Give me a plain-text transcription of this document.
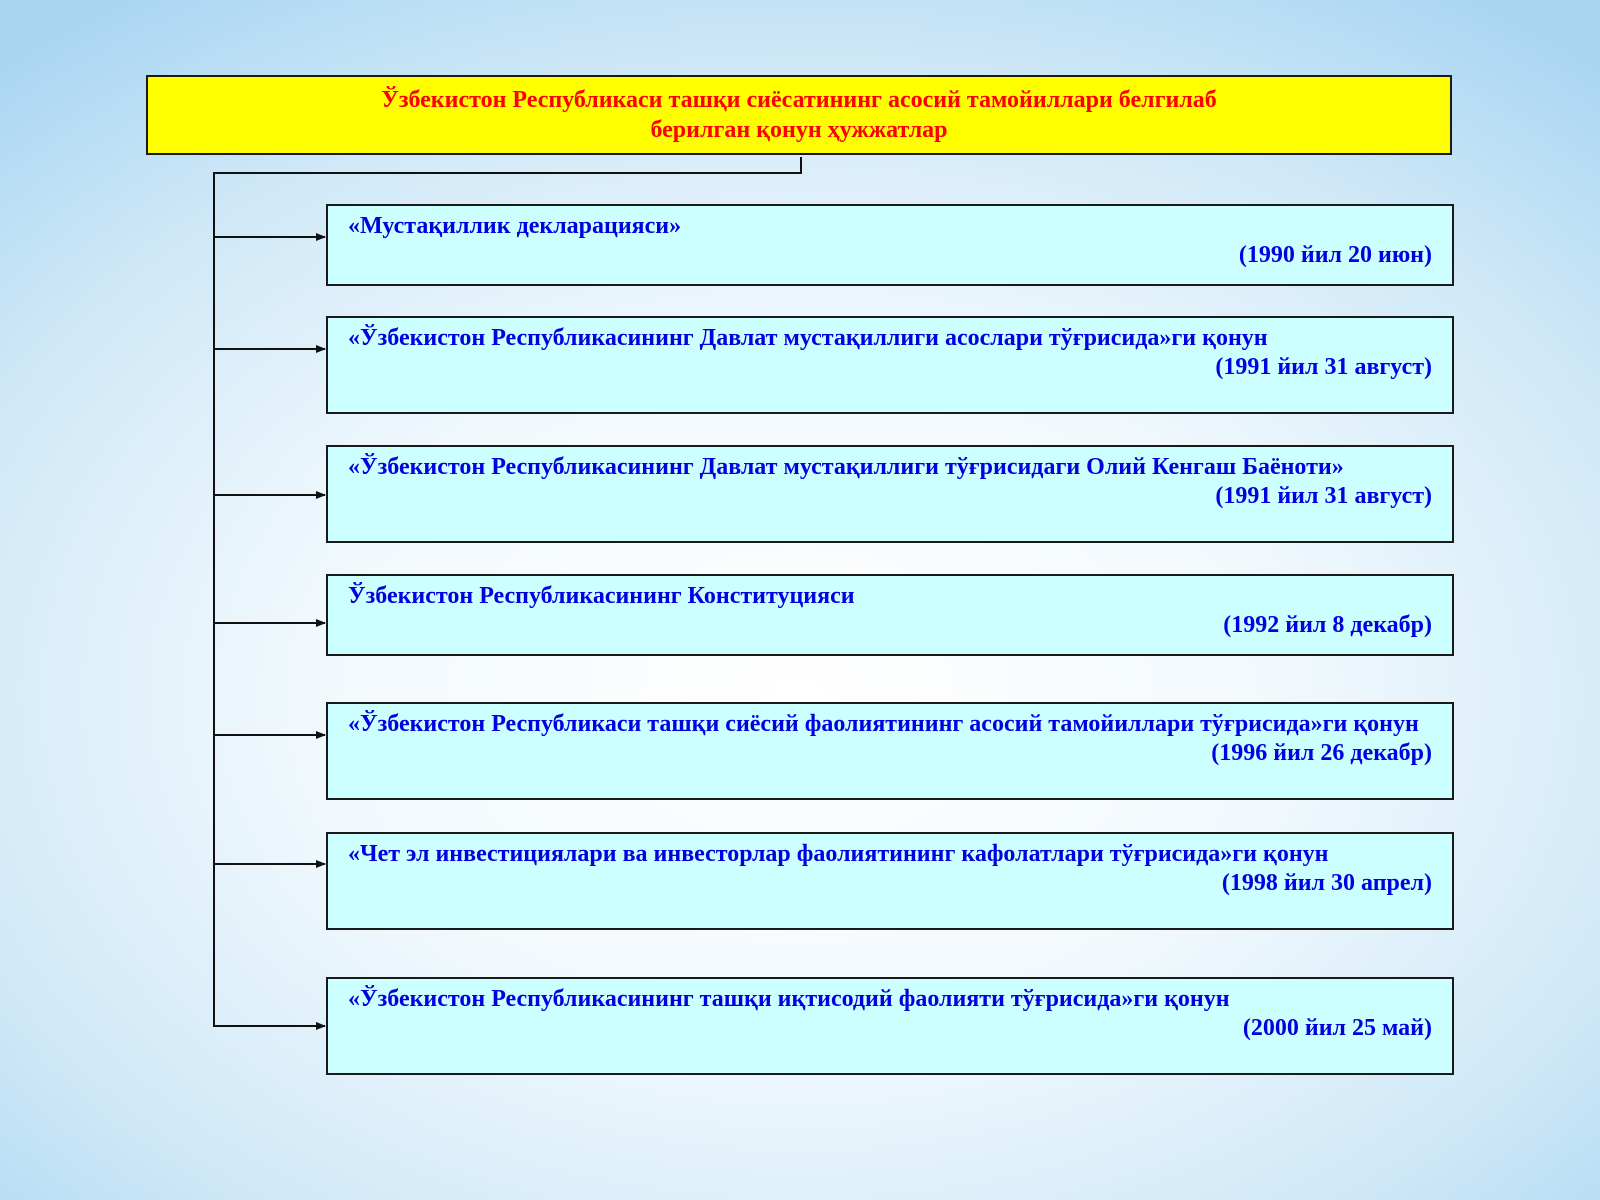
Ўзбекистон Республикаси ташқи сиёсатининг асосий тамойиллари белгилаб
берилган қонун ҳужжатлар
«Мустақиллик декларацияси»
(1990 йил 20 июн)
«Ўзбекистон Республикасининг Давлат мустақиллиги асослари тўғрисида»ги қонун
(1991 йил 31 август)
«Ўзбекистон Республикасининг Давлат мустақиллиги тўғрисидаги Олий Кенгаш Баёноти»
(1991 йил 31 август)
Ўзбекистон Республикасининг Конституцияси
(1992 йил 8 декабр)
«Ўзбекистон Республикаси ташқи сиёсий фаолиятининг асосий тамойиллари тўғрисида»ги қонун
(1996 йил 26 декабр)
«Чет эл инвестициялари ва инвесторлар фаолиятининг кафолатлари тўғрисида»ги қонун
(1998 йил 30 апрел)
«Ўзбекистон Республикасининг ташқи иқтисодий фаолияти тўғрисида»ги қонун
(2000 йил 25 май)
